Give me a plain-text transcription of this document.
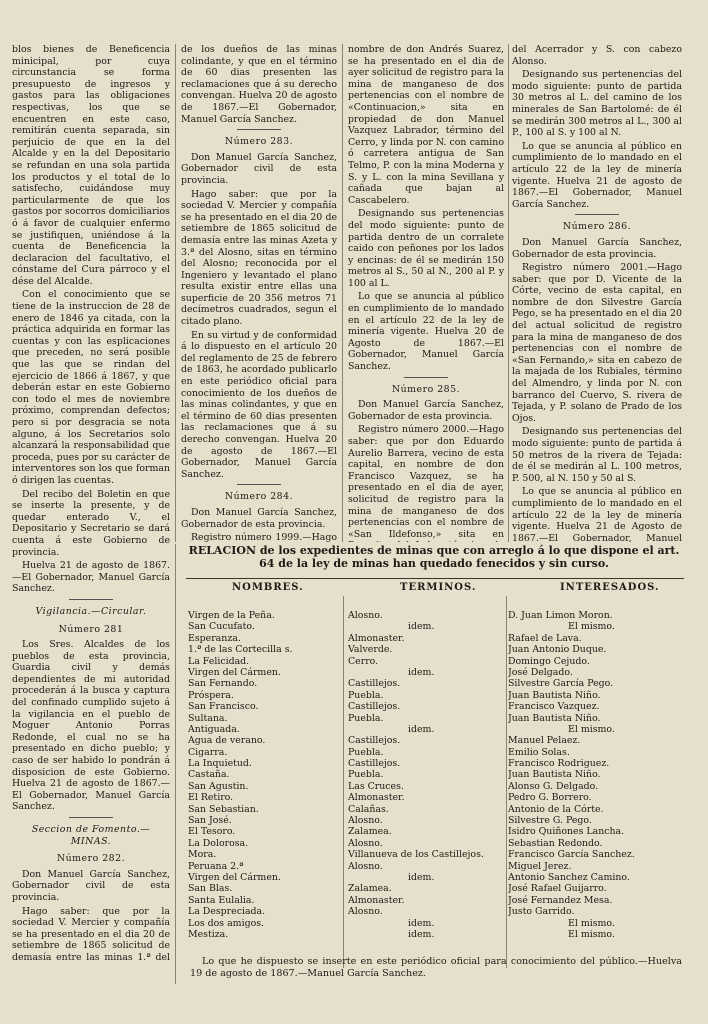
blos bienes de Beneficencia minicipal, por cuya circunstancia se forma presupuesto de ingresos y gastos para las obligaciones respectivas, los que se encuentren en este caso, remitirán cuenta separada, sin perjuicio de que en la del Alcalde y en la del Depositario se refundan en una sola partida los productos y el total de lo satisfecho, cuidándose muy particularmente de que los gastos por socorros domiciliarios ó á favor de cualquier enfermo se justifiquen, uniéndose á la cuenta de Beneficencia la declaracion del facultativo, el cónstame del Cura párroco y el dése del Alcalde.

Con el conocimiento que se tiene de la instruccion de 28 de enero de 1846 ya citada, con la práctica adquirida en formar las cuentas y con las esplicaciones que preceden, no será posible que las que se rindan del ejercicio de 1866 á 1867, y que deberán estar en este Gobierno con todo el mes de noviembre próximo, comprendan defectos; pero si por desgracia se nota alguno, á los Secretarios solo alcanzará la responsabilidad que proceda, pues por su carácter de interventores son los que forman ó dirigen las cuentas.

Del recibo del Boletin en que se inserte la presente, y de quedar enterado V., el Depositario y Secretario se dará cuenta á este Gobierno de provincia.

Huelva 21 de agosto de 1867.—El Gobernador, Manuel García Sanchez.

Vigilancia.—Circular.
Número 281

Los Sres. Alcaldes de los pueblos de esta provincia, Guardia civil y demás dependientes de mi autoridad procederán á la busca y captura del confinado cumplido sujeto á la vigilancia en el pueblo de Moguer Antonio Porras Redonde, el cual no se ha presentado en dicho pueblo; y caso de ser habido lo pondrán á disposicion de este Gobierno. Huelva 21 de agosto de 1867.—El Gobernador, Manuel García Sanchez.

Seccion de Fomento.—MINAS.
Número 282.

Don Manuel García Sanchez, Gobernador civil de esta provincia.

Hago saber: que por la sociedad V. Mercier y compañía se ha presentado en el dia 20 de setiembre de 1865 solicitud de demasía entre las minas 1.ª del

de los dueños de las minas colindante, y que en el término de 60 dias presenten las reclamaciones que á su derecho convengan. Huelva 20 de agosto de 1867.—El Gobernador, Manuel García Sanchez.

Número 283.

Don Manuel García Sanchez, Gobernador civil de esta provincia.

Hago saber: que por la sociedad V. Mercier y compañía se ha presentado en el dia 20 de setiembre de 1865 solicitud de demasía entre las minas Azeta y 3.ª del Alosno, sitas en término del Alosno; reconocida por el Ingeniero y levantado el plano resulta existir entre ellas una superficie de 20 356 metros 71 decímetros cuadrados, segun el citado plano.

En su virtud y de conformidad á lo dispuesto en el artículo 20 del reglamento de 25 de febrero de 1863, he acordado publicarlo en este periódico oficial para conocimiento de los dueños de las minas colindantes, y que en el término de 60 dias presenten las reclamaciones que á su derecho convengan. Huelva 20 de agosto de 1867.—El Gobernador, Manuel García Sanchez.

Número 284.

Don Manuel García Sanchez, Gobernador de esta provincia.

Registro número 1999.—Hago

nombre de don Andrés Suarez, se ha presentado en el dia de ayer solicitud de registro para la mina de manganeso de dos pertenencias con el nombre de «Continuacion,» sita en propiedad de don Manuel Vazquez Labrador, término del Cerro, y linda por N. con camino ó carretera antigua de San Telmo, P. con la mina Moderna y S. y L. con la mina Sevillana y cañada que bajan al Cascabelero.

Designando sus pertenencias del modo siguiente: punto de partida dentro de un corralete caido con peñones por los lados y encinas: de él se medirán 150 metros al S., 50 al N., 200 al P. y 100 al L.

Lo que se anuncia al público en cumplimiento de lo mandado en el artículo 22 de la ley de minería vigente. Huelva 20 de Agosto de 1867.—El Gobernador, Manuel García Sanchez.

Número 285.

Don Manuel García Sanchez, Gobernador de esta provincia.

Registro número 2000.—Hago saber: que por don Eduardo Aurelio Barrera, vecino de esta capital, en nombre de don Francisco Vazquez, se ha presentado en el dia de ayer, solicitud de registro para la mina de manganeso de dos pertenencias con el nombre de «San Ildefonso,» sita en

del Acerrador y S. con cabezo Alonso.

Designando sus pertenencias del modo siguiente: punto de partida 30 metros al L. del camino de los minerales de San Bartolomé: de él se medirán 300 metros al L., 300 al P., 100 al S. y 100 al N.

Lo que se anuncia al público en cumplimiento de lo mandado en el artículo 22 de la ley de minería vigente. Huelva 21 de agosto de 1867.—El Gobernador, Manuel García Sanchez.

Número 286.

Don Manuel García Sanchez, Gobernador de esta provincia.

Registro número 2001.—Hago saber: que por D. Vicente de la Córte, vecino de esta capital, en nombre de don Silvestre García Pego, se ha presentado en el dia 20 del actual solicitud de registro para la mina de manganeso de dos pertenencias con el nombre de «San Fernando,» sita en cabezo de la majada de los Rubiales, término del Almendro, y linda por N. con barranco del Cuervo, S. rivera de Tejada, y P. solano de Prado de los Ojos.

Designando sus pertenencias del modo siguiente: punto de partida á 50 metros de la rivera de Tejada: de él se medirán al L. 100 metros, P. 500, al N. 150 y 50 al S.

Lo que se anuncia al público en cumplimiento de lo mandado en el artículo 22 de la ley de minería vigente. Huelva 21 de Agosto de 1867.—El Gobernador, Manuel

RELACION de los expedientes de minas que con arreglo á lo que dispone el art. 64 de la ley de minas han quedado fenecidos y sin curso.
NOMBRES.	TERMINOS.	INTERESADOS.
Virgen de la Peña.
San Cucufato.
Esperanza.
1.ª de las Cortecilla s.
La Felicidad.
Virgen del Cármen.
San Fernando.
Próspera.
San Francisco.
Sultana.
Antiguada.
Agua de verano.
Cigarra.
La Inquietud.
Castaña.
San Agustin.
El Retiro.
San Sebastian.
San José.
El Tesoro.
La Dolorosa.
Mora.
Peruana 2.ª
Virgen del Cármen.
San Blas.
Santa Eulalia.
La Despreciada.
Los dos amigos.
Mestiza.
Alosno.
idem.
Almonaster.
Valverde.
Cerro.
idem.
Castillejos.
Puebla.
Castillejos.
Puebla.
idem.
Castillejos.
Puebla.
Castillejos.
Puebla.
Las Cruces.
Almonaster.
Calañas.
Alosno.
Zalamea.
Alosno.
Villanueva de los Castillejos.
Alosno.
idem.
Zalamea.
Almonaster.
Alosno.
idem.
idem.
D. Juan Limon Moron.
El mismo.
Rafael de Lava.
Juan Antonio Duque.
Domingo Cejudo.
José Delgado.
Silvestre García Pego.
Juan Bautista Niño.
Francisco Vazquez.
Juan Bautista Niño.
El mismo.
Manuel Pelaez.
Emilio Solas.
Francisco Rodriguez.
Juan Bautista Niño.
Alonso G. Delgado.
Pedro G. Borrero.
Antonio de la Córte.
Silvestre G. Pego.
Isidro Quiñones Lancha.
Sebastian Redondo.
Francisco García Sanchez.
Miguel Jerez.
Antonio Sanchez Camino.
José Rafael Guijarro.
José Fernandez Mesa.
Justo Garrido.
El mismo.
El mismo.
Lo que he dispuesto se inserte en este periódico oficial para conocimiento del público.—Huelva 19 de agosto de 1867.—Manuel García Sanchez.
